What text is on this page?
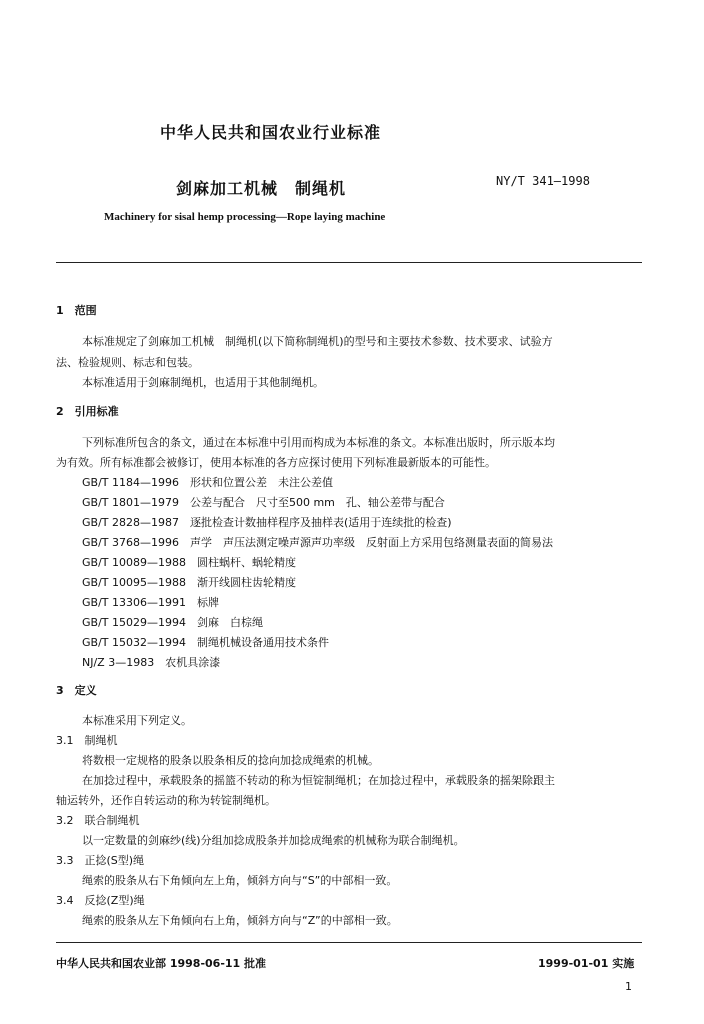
中华人民共和国农业行业标准
剑麻加工机械　制绳机	NY/T 341—1998
Machinery for sisal hemp processing—Rope laying machine
1　范围
本标准规定了剑麻加工机械　制绳机(以下简称制绳机)的型号和主要技术参数、技术要求、试验方
法、检验规则、标志和包装。
本标准适用于剑麻制绳机，也适用于其他制绳机。
2　引用标准
下列标准所包含的条文，通过在本标准中引用而构成为本标准的条文。本标准出版时，所示版本均
为有效。所有标准都会被修订，使用本标准的各方应探讨使用下列标准最新版本的可能性。
GB/T 1184—1996　形状和位置公差　未注公差值
GB/T 1801—1979　公差与配合　尺寸至500 mm　孔、轴公差带与配合
GB/T 2828—1987　逐批检查计数抽样程序及抽样表(适用于连续批的检查)
GB/T 3768—1996　声学　声压法测定噪声源声功率级　反射面上方采用包络测量表面的简易法
GB/T 10089—1988　圆柱蜗杆、蜗轮精度
GB/T 10095—1988　渐开线圆柱齿轮精度
GB/T 13306—1991　标牌
GB/T 15029—1994　剑麻　白棕绳
GB/T 15032—1994　制绳机械设备通用技术条件
NJ/Z 3—1983　农机具涂漆
3　定义
本标准采用下列定义。
3.1　制绳机
将数根一定规格的股条以股条相反的捻向加捻成绳索的机械。
在加捻过程中，承载股条的摇篮不转动的称为恒锭制绳机；在加捻过程中，承载股条的摇架除跟主
轴运转外，还作自转运动的称为转锭制绳机。
3.2　联合制绳机
以一定数量的剑麻纱(线)分组加捻成股条并加捻成绳索的机械称为联合制绳机。
3.3　正捻(S型)绳
绳索的股条从右下角倾向左上角，倾斜方向与“S”的中部相一致。
3.4　反捻(Z型)绳
绳索的股条从左下角倾向右上角，倾斜方向与“Z”的中部相一致。
中华人民共和国农业部 1998-06-11 批准	1999-01-01 实施
1
